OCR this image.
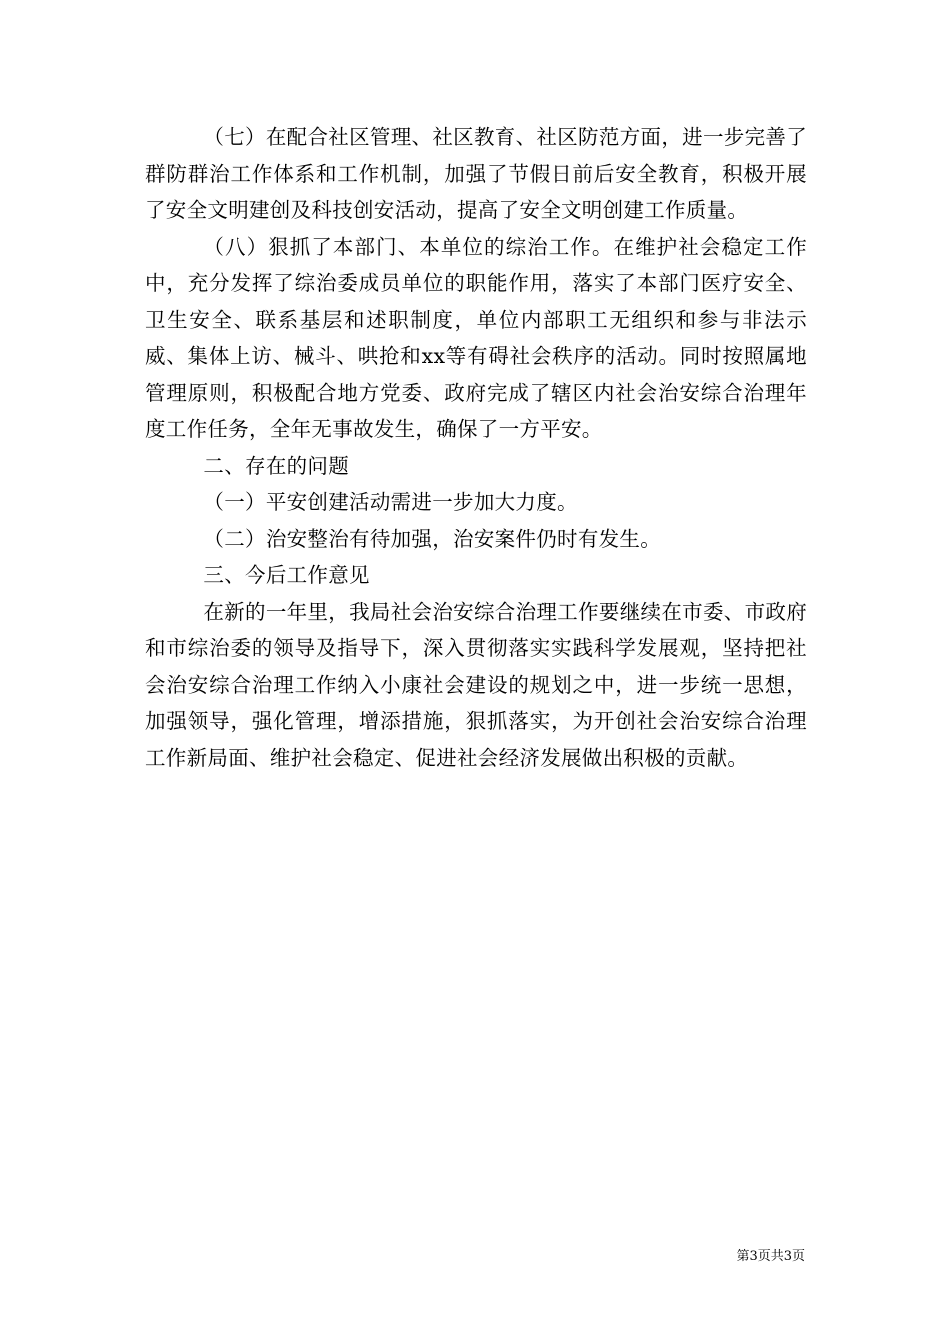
（七）在配合社区管理、社区教育、社区防范方面，进一步完善了群防群治工作体系和工作机制，加强了节假日前后安全教育，积极开展了安全文明建创及科技创安活动，提高了安全文明创建工作质量。

（八）狠抓了本部门、本单位的综治工作。在维护社会稳定工作中，充分发挥了综治委成员单位的职能作用，落实了本部门医疗安全、卫生安全、联系基层和述职制度，单位内部职工无组织和参与非法示威、集体上访、械斗、哄抢和xx等有碍社会秩序的活动。同时按照属地管理原则，积极配合地方党委、政府完成了辖区内社会治安综合治理年度工作任务，全年无事故发生，确保了一方平安。

二、存在的问题

（一）平安创建活动需进一步加大力度。

（二）治安整治有待加强，治安案件仍时有发生。

三、今后工作意见

在新的一年里，我局社会治安综合治理工作要继续在市委、市政府和市综治委的领导及指导下，深入贯彻落实实践科学发展观，坚持把社会治安综合治理工作纳入小康社会建设的规划之中，进一步统一思想，加强领导，强化管理，增添措施，狠抓落实，为开创社会治安综合治理工作新局面、维护社会稳定、促进社会经济发展做出积极的贡献。

第3页共3页
